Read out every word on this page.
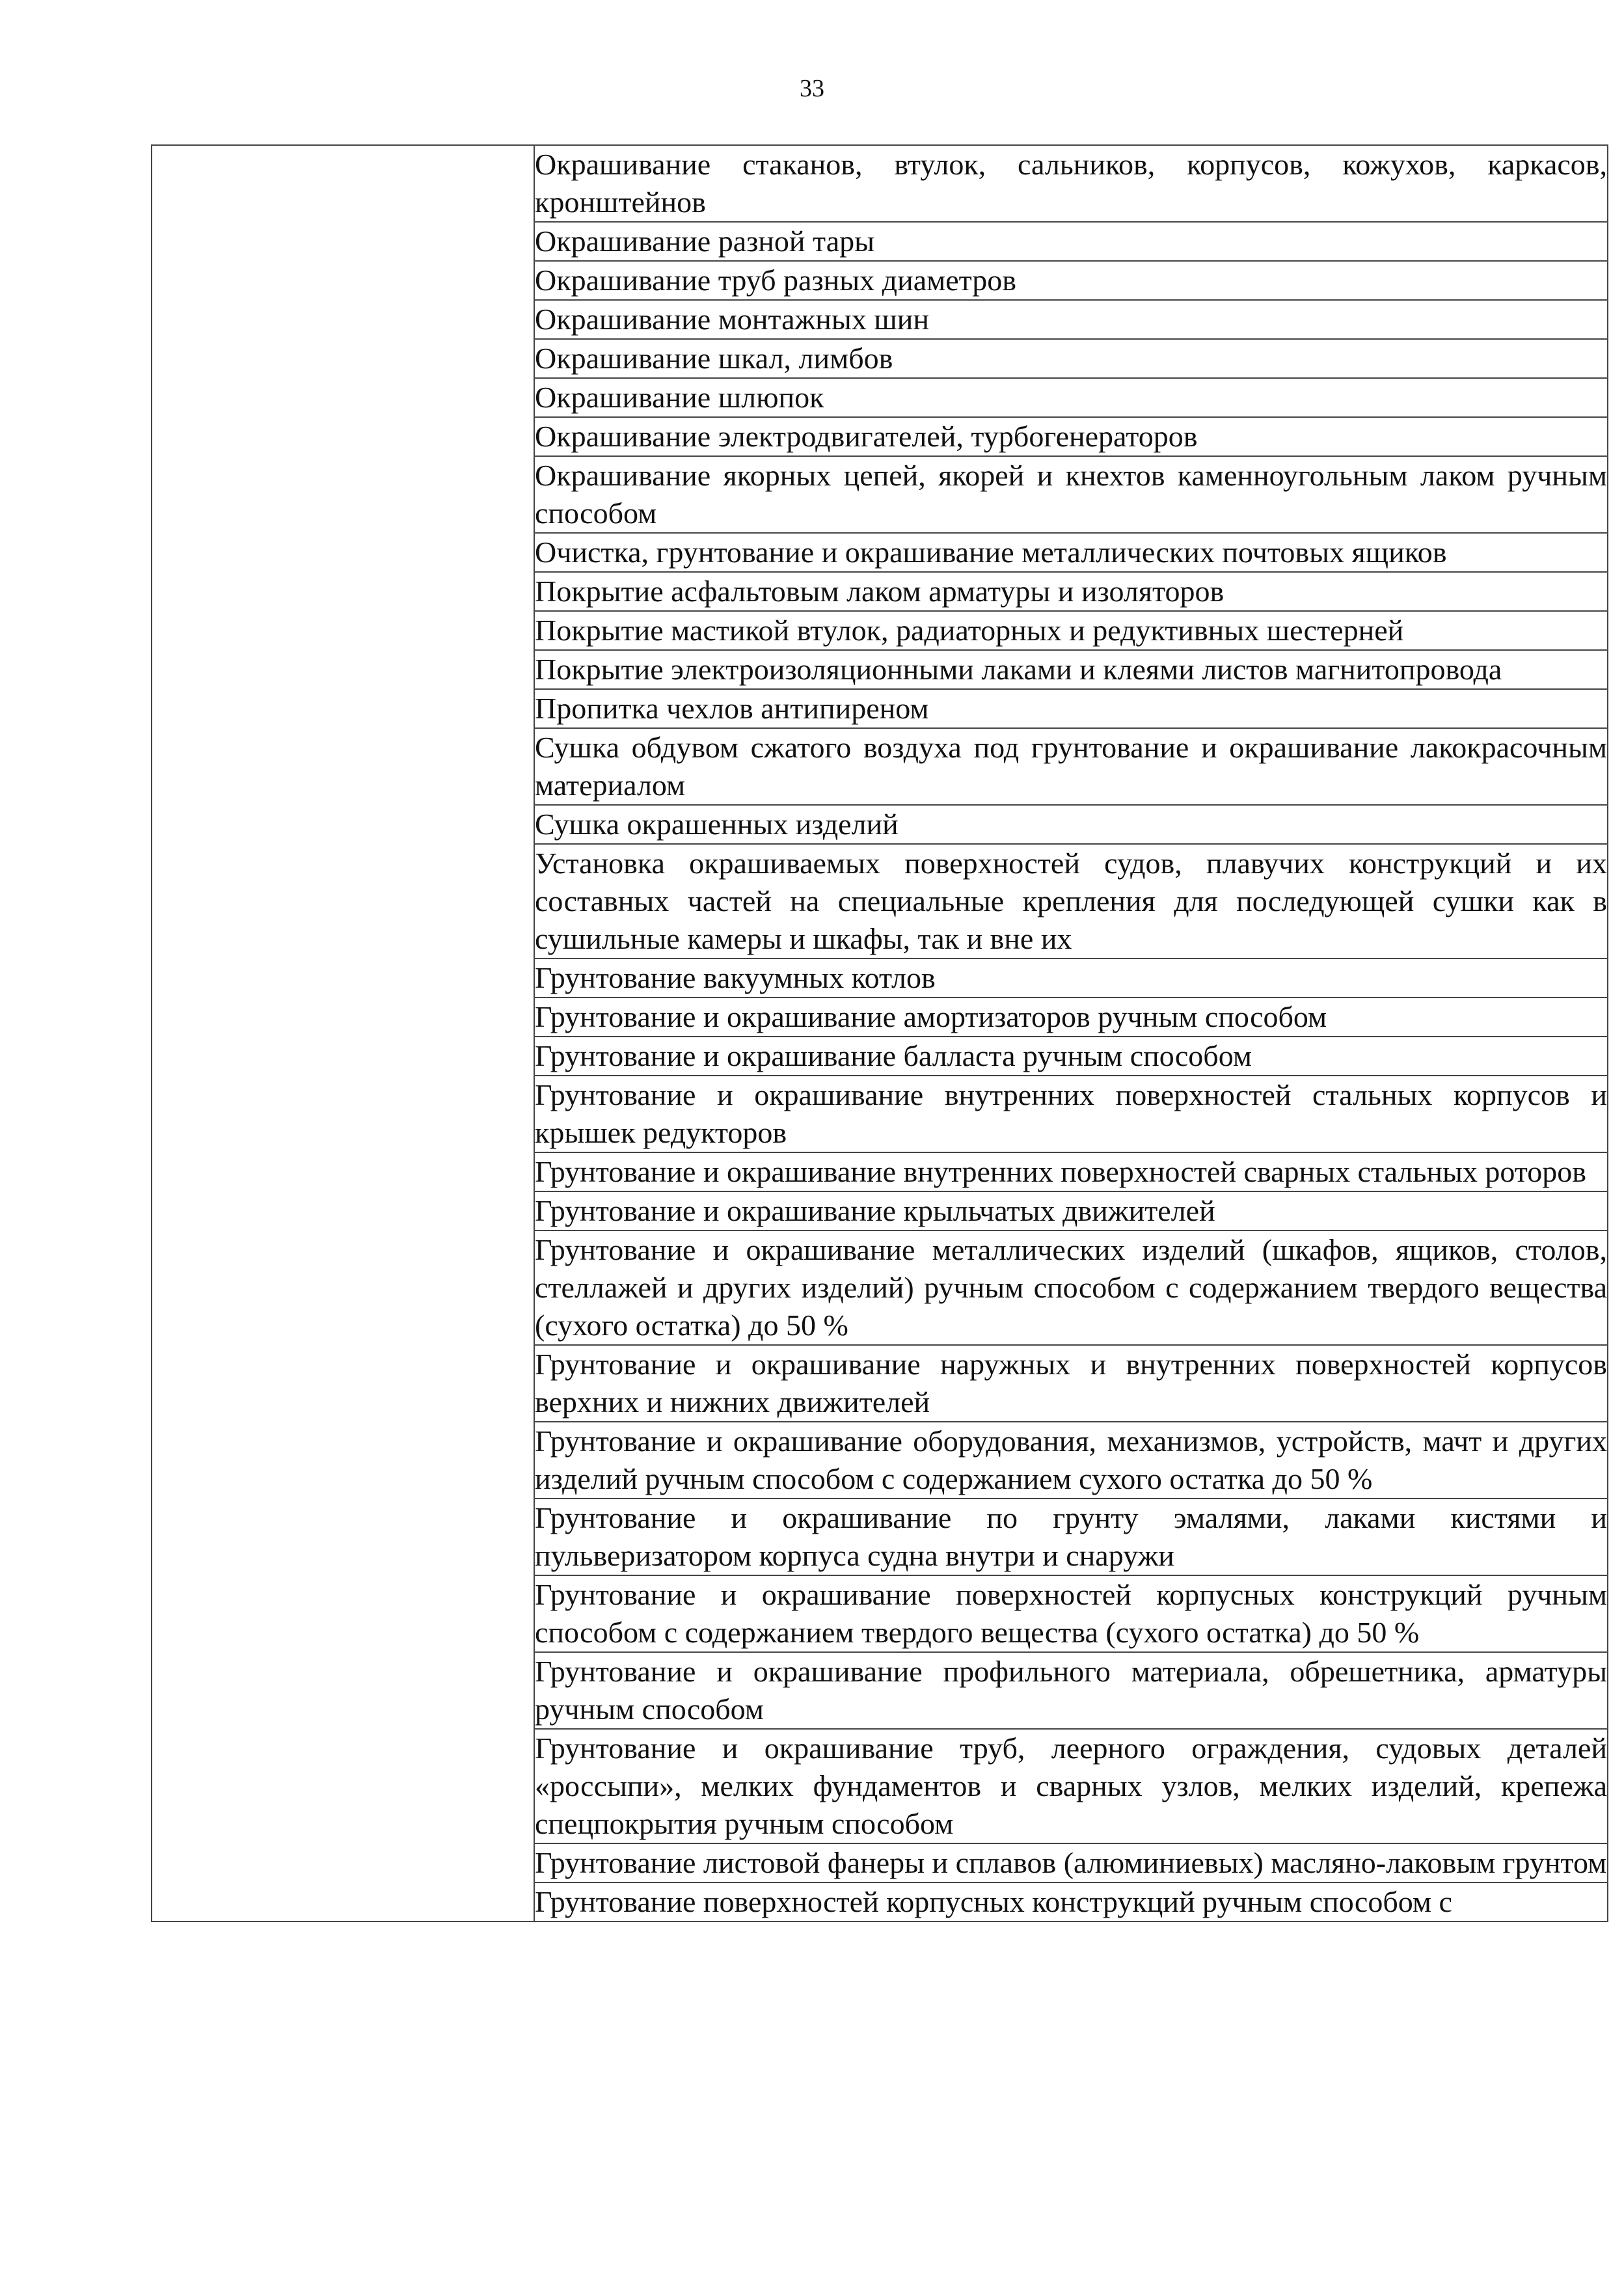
33
	Окрашивание стаканов, втулок, сальников, корпусов, кожухов, каркасов, кронштейнов
Окрашивание разной тары
Окрашивание труб разных диаметров
Окрашивание монтажных шин
Окрашивание шкал, лимбов
Окрашивание шлюпок
Окрашивание электродвигателей, турбогенераторов
Окрашивание якорных цепей, якорей и кнехтов каменноугольным лаком ручным способом
Очистка, грунтование и окрашивание металлических почтовых ящиков
Покрытие асфальтовым лаком арматуры и изоляторов
Покрытие мастикой втулок, радиаторных и редуктивных шестерней
Покрытие электроизоляционными лаками и клеями листов магнитопровода
Пропитка чехлов антипиреном
Сушка обдувом сжатого воздуха под грунтование и окрашивание лакокрасочным материалом
Сушка окрашенных изделий
Установка окрашиваемых поверхностей судов, плавучих конструкций и их составных частей на специальные крепления для последующей сушки как в сушильные камеры и шкафы, так и вне их
Грунтование вакуумных котлов
Грунтование и окрашивание амортизаторов ручным способом
Грунтование и окрашивание балласта ручным способом
Грунтование и окрашивание внутренних поверхностей стальных корпусов и крышек редукторов
Грунтование и окрашивание внутренних поверхностей сварных стальных роторов
Грунтование и окрашивание крыльчатых движителей
Грунтование и окрашивание металлических изделий (шкафов, ящиков, столов, стеллажей и других изделий) ручным способом с содержанием твердого вещества (сухого остатка) до 50 %
Грунтование и окрашивание наружных и внутренних поверхностей корпусов верхних и нижних движителей
Грунтование и окрашивание оборудования, механизмов, устройств, мачт и других изделий ручным способом с содержанием сухого остатка до 50 %
Грунтование и окрашивание по грунту эмалями, лаками кистями и пульверизатором корпуса судна внутри и снаружи
Грунтование и окрашивание поверхностей корпусных конструкций ручным способом с содержанием твердого вещества (сухого остатка) до 50 %
Грунтование и окрашивание профильного материала, обрешетника, арматуры ручным способом
Грунтование и окрашивание труб, леерного ограждения, судовых деталей «россыпи», мелких фундаментов и сварных узлов, мелких изделий, крепежа спецпокрытия ручным способом
Грунтование листовой фанеры и сплавов (алюминиевых) масляно-лаковым грунтом
Грунтование поверхностей корпусных конструкций ручным способом с
